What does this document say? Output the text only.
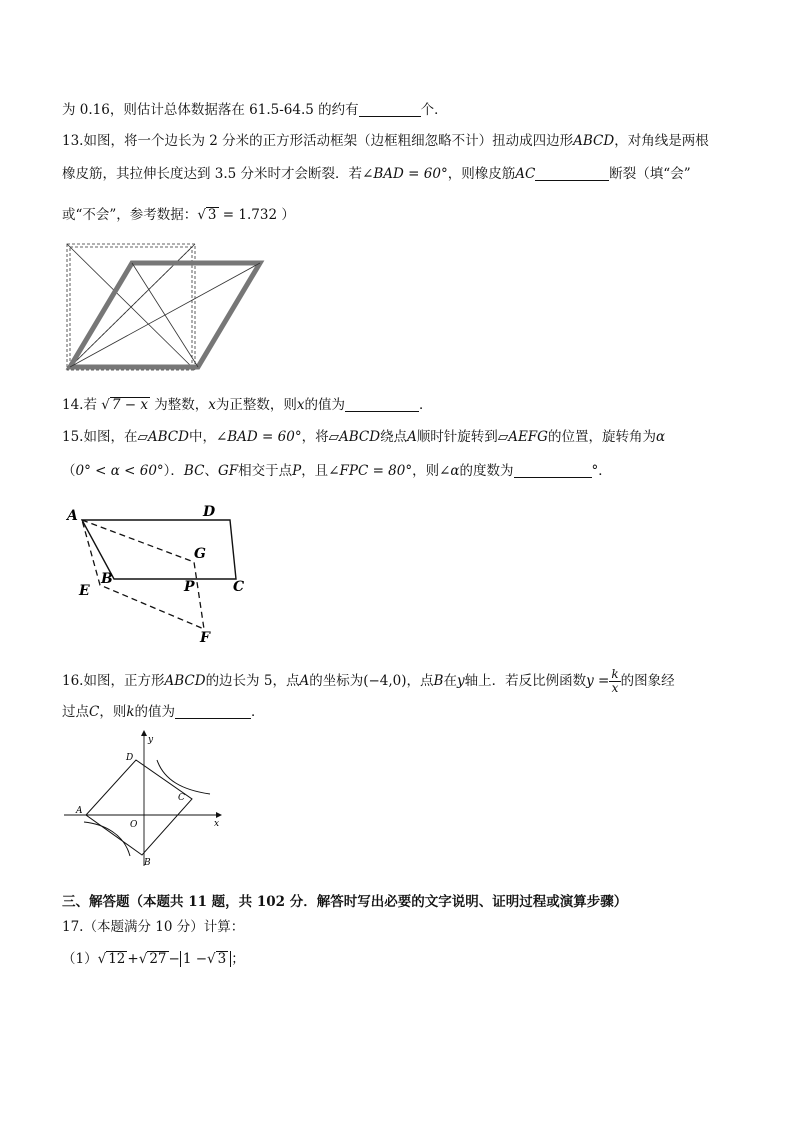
为 0.16，则估计总体数据落在 61.5-64.5 的约有	个．
13.如图，将一个边长为 2 分米的正方形活动框架（边框粗细忽略不计）扭动成四边形ABCD，对角线是两根
橡皮筋，其拉伸长度达到 3.5 分米时才会断裂．若∠BAD = 60°，则橡皮筋AC	断裂（填“会”
或“不会”，参考数据：√ 3 = 1.732 ）
14.若 √ 7 − x 为整数，x为正整数，则x的值为	．
15.如图，在▱ABCD中，∠BAD = 60°，将▱ABCD绕点A顺时针旋转到▱AEFG的位置，旋转角为α
（0° < α < 60°）．BC、GF相交于点P，且∠FPC = 80°，则∠α的度数为	°．
A	D
G
B	P	C
E
F
16.如图，正方形ABCD的边长为 5，点A的坐标为(−4,0)，点B在y轴上．若反比例函数$y = \frac{k}{x}$ 的图象经
过点C，则k的值为	．
y
D
C
A
O	x
B
三、解答题（本题共 11 题，共 102 分．解答时写出必要的文字说明、证明过程或演算步骤）
17.（本题满分 10 分）计算：
（1）√ 12 +√ 27 − 1 −√ 3 ；
